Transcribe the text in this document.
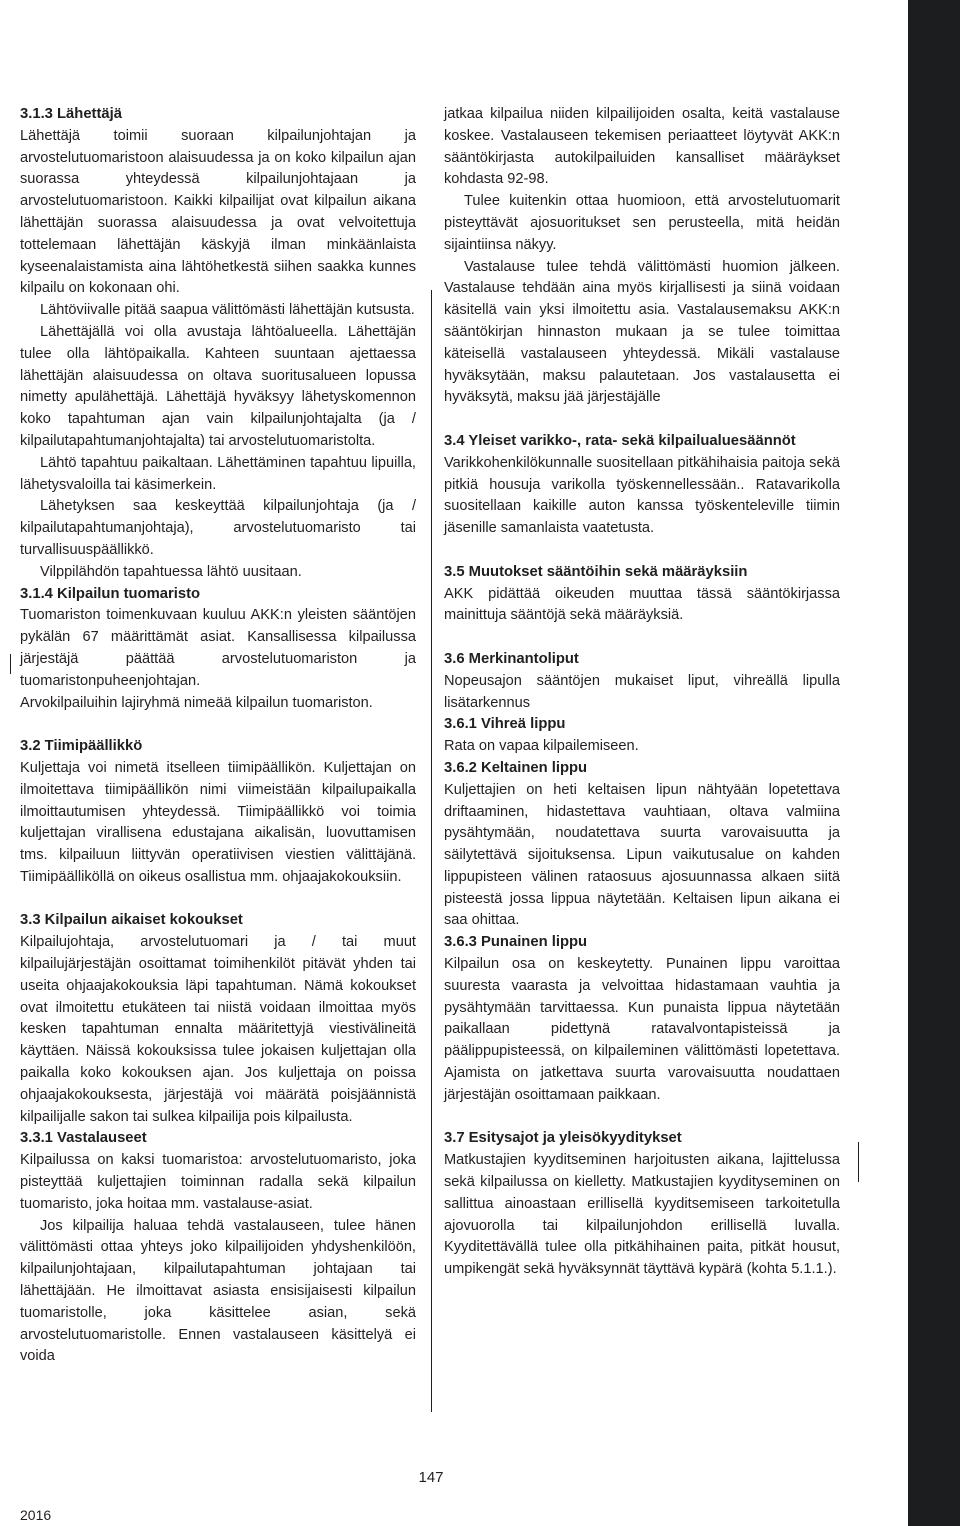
3.1.3 Lähettäjä

Lähettäjä toimii suoraan kilpailunjohtajan ja arvostelutuomaristoon alaisuudessa ja on koko kilpailun ajan suorassa yhteydessä kilpailunjohtajaan ja arvostelutuomaristoon. Kaikki kilpailijat ovat kilpailun aikana lähettäjän suorassa alaisuudessa ja ovat velvoitettuja tottelemaan lähettäjän käskyjä ilman minkäänlaista kyseenalaistamista aina lähtöhetkestä siihen saakka kunnes kilpailu on kokonaan ohi.

Lähtöviivalle pitää saapua välittömästi lähettäjän kutsusta.

Lähettäjällä voi olla avustaja lähtöalueella. Lähettäjän tulee olla lähtöpaikalla. Kahteen suuntaan ajettaessa lähettäjän alaisuudessa on oltava suoritusalueen lopussa nimetty apulähettäjä. Lähettäjä hyväksyy lähetyskomennon koko tapahtuman ajan vain kilpailunjohtajalta (ja / kilpailutapahtumanjohtajalta) tai arvostelutuomaristolta.

Lähtö tapahtuu paikaltaan. Lähettäminen tapahtuu lipuilla, lähetysvaloilla tai käsimerkein.

Lähetyksen saa keskeyttää kilpailunjohtaja (ja / kilpailutapahtumanjohtaja), arvostelutuomaristo tai turvallisuuspäällikkö.

Vilppilähdön tapahtuessa lähtö uusitaan.

3.1.4 Kilpailun tuomaristo

Tuomariston toimenkuvaan kuuluu AKK:n yleisten sääntöjen pykälän 67 määrittämät asiat. Kansallisessa kilpailussa järjestäjä päättää arvostelutuomariston ja tuomaristonpuheenjohtajan.

Arvokilpailuihin lajiryhmä nimeää kilpailun tuomariston.

3.2 Tiimipäällikkö

Kuljettaja voi nimetä itselleen tiimipäällikön. Kuljettajan on ilmoitettava tiimipäällikön nimi viimeistään kilpailupaikalla ilmoittautumisen yhteydessä. Tiimipäällikkö voi toimia kuljettajan virallisena edustajana aikalisän, luovuttamisen tms. kilpailuun liittyvän operatiivisen viestien välittäjänä. Tiimipäälliköllä on oikeus osallistua mm. ohjaajakokouksiin.

3.3 Kilpailun aikaiset kokoukset

Kilpailujohtaja, arvostelutuomari ja / tai muut kilpailujärjestäjän osoittamat toimihenkilöt pitävät yhden tai useita ohjaajakokouksia läpi tapahtuman. Nämä kokoukset ovat ilmoitettu etukäteen tai niistä voidaan ilmoittaa myös kesken tapahtuman ennalta määritettyjä viestivälineitä käyttäen. Näissä kokouksissa tulee jokaisen kuljettajan olla paikalla koko kokouksen ajan. Jos kuljettaja on poissa ohjaajakokouksesta, järjestäjä voi määrätä poisjäännistä kilpailijalle sakon tai sulkea kilpailija pois kilpailusta.

3.3.1 Vastalauseet

Kilpailussa on kaksi tuomaristoa: arvostelutuomaristo, joka pisteyttää kuljettajien toiminnan radalla sekä kilpailun tuomaristo, joka hoitaa mm. vastalause-asiat.

Jos kilpailija haluaa tehdä vastalauseen, tulee hänen välittömästi ottaa yhteys joko kilpailijoiden yhdyshenkilöön, kilpailunjohtajaan, kilpailutapahtuman johtajaan tai lähettäjään. He ilmoittavat asiasta ensisijaisesti kilpailun tuomaristolle, joka käsittelee asian, sekä arvostelutuomaristolle. Ennen vastalauseen käsittelyä ei voida

jatkaa kilpailua niiden kilpailijoiden osalta, keitä vastalause koskee. Vastalauseen tekemisen periaatteet löytyvät AKK:n sääntökirjasta autokilpailuiden kansalliset määräykset kohdasta 92-98.

Tulee kuitenkin ottaa huomioon, että arvostelutuomarit pisteyttävät ajosuoritukset sen perusteella, mitä heidän sijaintiinsa näkyy.

Vastalause tulee tehdä välittömästi huomion jälkeen. Vastalause tehdään aina myös kirjallisesti ja siinä voidaan käsitellä vain yksi ilmoitettu asia. Vastalausemaksu AKK:n sääntökirjan hinnaston mukaan ja se tulee toimittaa käteisellä vastalauseen yhteydessä. Mikäli vastalause hyväksytään, maksu palautetaan. Jos vastalausetta ei hyväksytä, maksu jää järjestäjälle

3.4 Yleiset varikko-, rata- sekä kilpailualuesäännöt

Varikkohenkilökunnalle suositellaan pitkähihaisia paitoja sekä pitkiä housuja varikolla työskennellessään.. Ratavarikolla suositellaan kaikille auton kanssa työskenteleville tiimin jäsenille samanlaista vaatetusta.

3.5 Muutokset sääntöihin sekä määräyksiin

AKK pidättää oikeuden muuttaa tässä sääntökirjassa mainittuja sääntöjä sekä määräyksiä.

3.6 Merkinantoliput

Nopeusajon sääntöjen mukaiset liput, vihreällä lipulla lisätarkennus

3.6.1 Vihreä lippu

Rata on vapaa kilpailemiseen.

3.6.2 Keltainen lippu

Kuljettajien on heti keltaisen lipun nähtyään lopetettava driftaaminen, hidastettava vauhtiaan, oltava valmiina pysähtymään, noudatettava suurta varovaisuutta ja säilytettävä sijoituksensa. Lipun vaikutusalue on kahden lippupisteen välinen rataosuus ajosuunnassa alkaen siitä pisteestä jossa lippua näytetään. Keltaisen lipun aikana ei saa ohittaa.

3.6.3 Punainen lippu

Kilpailun osa on keskeytetty. Punainen lippu varoittaa suuresta vaarasta ja velvoittaa hidastamaan vauhtia ja pysähtymään tarvittaessa. Kun punaista lippua näytetään paikallaan pidettynä ratavalvontapisteissä ja päälippupisteessä, on kilpaileminen välittömästi lopetettava. Ajamista on jatkettava suurta varovaisuutta noudattaen järjestäjän osoittamaan paikkaan.

3.7 Esitysajot ja yleisökyyditykset

Matkustajien kyyditseminen harjoitusten aikana, lajittelussa sekä kilpailussa on kielletty. Matkustajien kyydityseminen on sallittua ainoastaan erillisellä kyyditsemiseen tarkoitetulla ajovuorolla tai kilpailunjohdon erillisellä luvalla. Kyyditettävällä tulee olla pitkähihainen paita, pitkät housut, umpikengät sekä hyväksynnät täyttävä kypärä (kohta 5.1.1.).

147
2016
